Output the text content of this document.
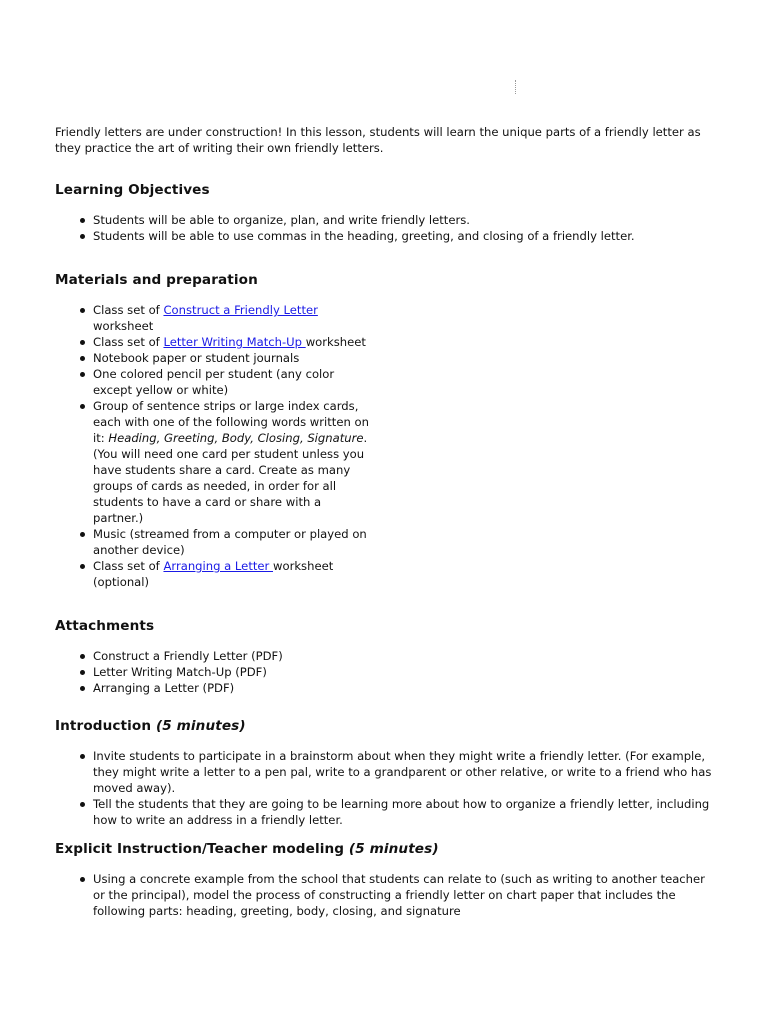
Friendly letters are under construction! In this lesson, students will learn the unique parts of a friendly letter as they practice the art of writing their own friendly letters.

Learning Objectives
Students will be able to organize, plan, and write friendly letters.
Students will be able to use commas in the heading, greeting, and closing of a friendly letter.
Materials and preparation
Class set of Construct a Friendly Letter worksheet
Class set of Letter Writing Match-Up worksheet
Notebook paper or student journals
One colored pencil per student (any color except yellow or white)
Group of sentence strips or large index cards, each with one of the following words written on it: Heading, Greeting, Body, Closing, Signature. (You will need one card per student unless you have students share a card. Create as many groups of cards as needed, in order for all students to have a card or share with a partner.)
Music (streamed from a computer or played on another device)
Class set of Arranging a Letter worksheet (optional)
Attachments
Construct a Friendly Letter (PDF)
Letter Writing Match-Up (PDF)
Arranging a Letter (PDF)
Introduction (5 minutes)
Invite students to participate in a brainstorm about when they might write a friendly letter. (For example, they might write a letter to a pen pal, write to a grandparent or other relative, or write to a friend who has moved away).
Tell the students that they are going to be learning more about how to organize a friendly letter, including how to write an address in a friendly letter.
Explicit Instruction/Teacher modeling (5 minutes)
Using a concrete example from the school that students can relate to (such as writing to another teacher or the principal), model the process of constructing a friendly letter on chart paper that includes the following parts: heading, greeting, body, closing, and signature
